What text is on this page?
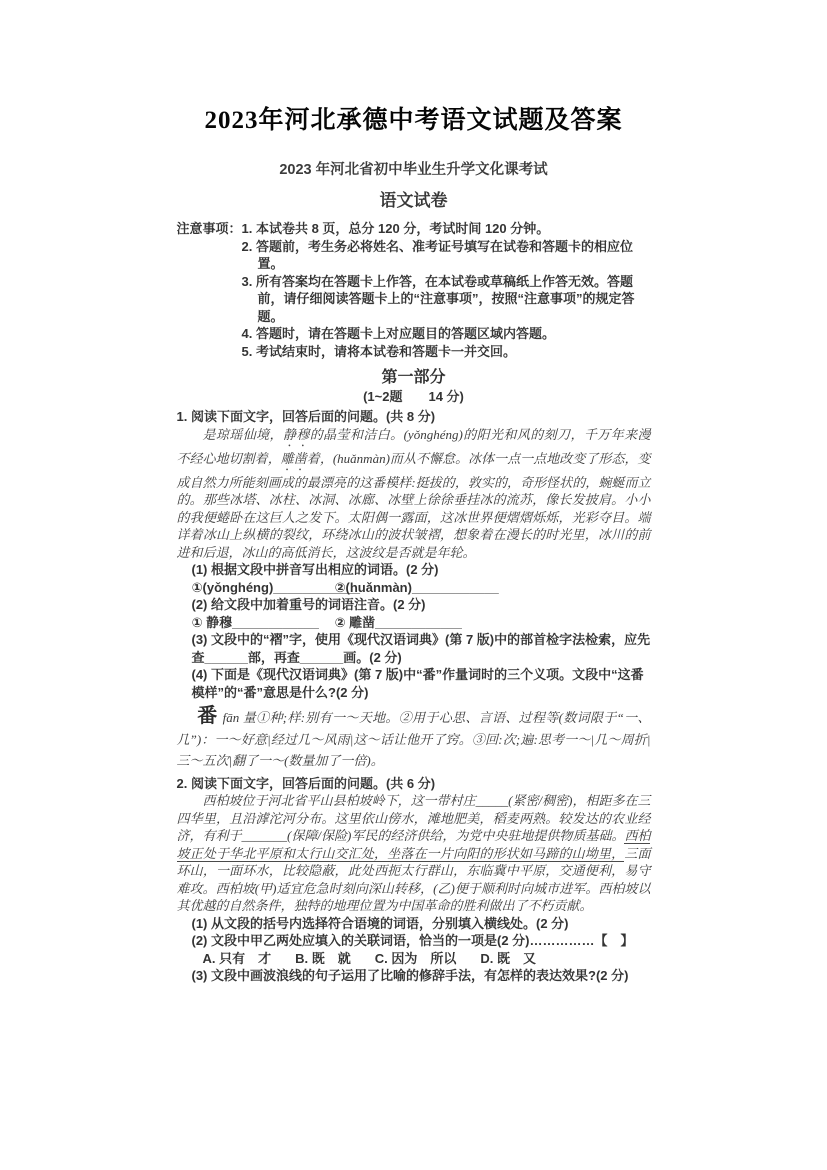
2023年河北承德中考语文试题及答案
2023 年河北省初中毕业生升学文化课考试
语文试卷
注意事项： 1. 本试卷共 8 页，总分 120 分，考试时间 120 分钟。
2. 答题前，考生务必将姓名、准考证号填写在试卷和答题卡的相应位置。
3. 所有答案均在答题卡上作答，在本试卷或草稿纸上作答无效。答题前，请仔细阅读答题卡上的“注意事项”，按照“注意事项”的规定答题。
4. 答题时，请在答题卡上对应题目的答题区域内答题。
5. 考试结束时，请将本试卷和答题卡一并交回。
第一部分
(1~2题　　14 分)
1. 阅读下面文字，回答后面的问题。(共 8 分)

是琼瑶仙境，静穆的晶莹和洁白。(yǒnghéng)的阳光和风的刻刀，千万年来漫不经心地切割着，雕凿着，(huǎnmàn)而从不懈怠。冰体一点一点地改变了形态，变成自然力所能刻画成的最漂亮的这番模样:挺拔的，敦实的，奇形怪状的，蜿蜒而立的。那些冰塔、冰柱、冰洞、冰廊、冰壁上徐徐垂挂冰的流苏，像长发披肩。小小的我便蜷卧在这巨人之发下。太阳偶一露面，这冰世界便熠熠烁烁，光彩夺目。端详着冰山上纵横的裂纹，环绕冰山的波状皱褶，想象着在漫长的时光里，冰川的前进和后退，冰山的高低消长，这波纹是否就是年轮。

(1) 根据文段中拼音写出相应的词语。(2 分)
①(yǒnghéng)____________
②(huǎnmàn)____________
(2) 给文段中加着重号的词语注音。(2 分)
① 静穆____________	② 雕凿____________
(3) 文段中的“褶”字，使用《现代汉语词典》(第 7 版)中的部首检字法检索，应先查______部，再查______画。(2 分)
(4) 下面是《现代汉语词典》(第 7 版)中“番”作量词时的三个义项。文段中“这番模样”的“番”意思是什么?(2 分)

番fān 量①种;样:别有一～天地。②用于心思、言语、过程等(数词限于“一、几”)：一～好意|经过几～风雨|这～话让他开了窍。③回:次;遍:思考一～|几～周折|三～五次|翻了一～(数量加了一倍)。

2. 阅读下面文字，回答后面的问题。(共 6 分)

西柏坡位于河北省平山县柏坡岭下，这一带村庄_____(紧密/稠密)，相距多在三四华里，且沿滹沱河分布。这里依山傍水，滩地肥美，稻麦两熟。较发达的农业经济，有利于_______(保障/保险)军民的经济供给，为党中央驻地提供物质基础。西柏坡正处于华北平原和太行山交汇处，坐落在一片向阳的形状如马蹄的山坳里，三面环山，一面环水，比较隐蔽，此处西扼太行群山，东临冀中平原，交通便利，易守难攻。西柏坡(甲)适宜危急时刻向深山转移，(乙)便于顺利时向城市进军。西柏坡以其优越的自然条件，独特的地理位置为中国革命的胜利做出了不朽贡献。

(1) 从文段的括号内选择符合语境的词语，分别填入横线处。(2 分)
(2) 文段中甲乙两处应填入的关联词语，恰当的一项是(2 分)……………【　】
A. 只有　才 B. 既　就 C. 因为　所以 D. 既　又
(3) 文段中画波浪线的句子运用了比喻的修辞手法，有怎样的表达效果?(2 分)
